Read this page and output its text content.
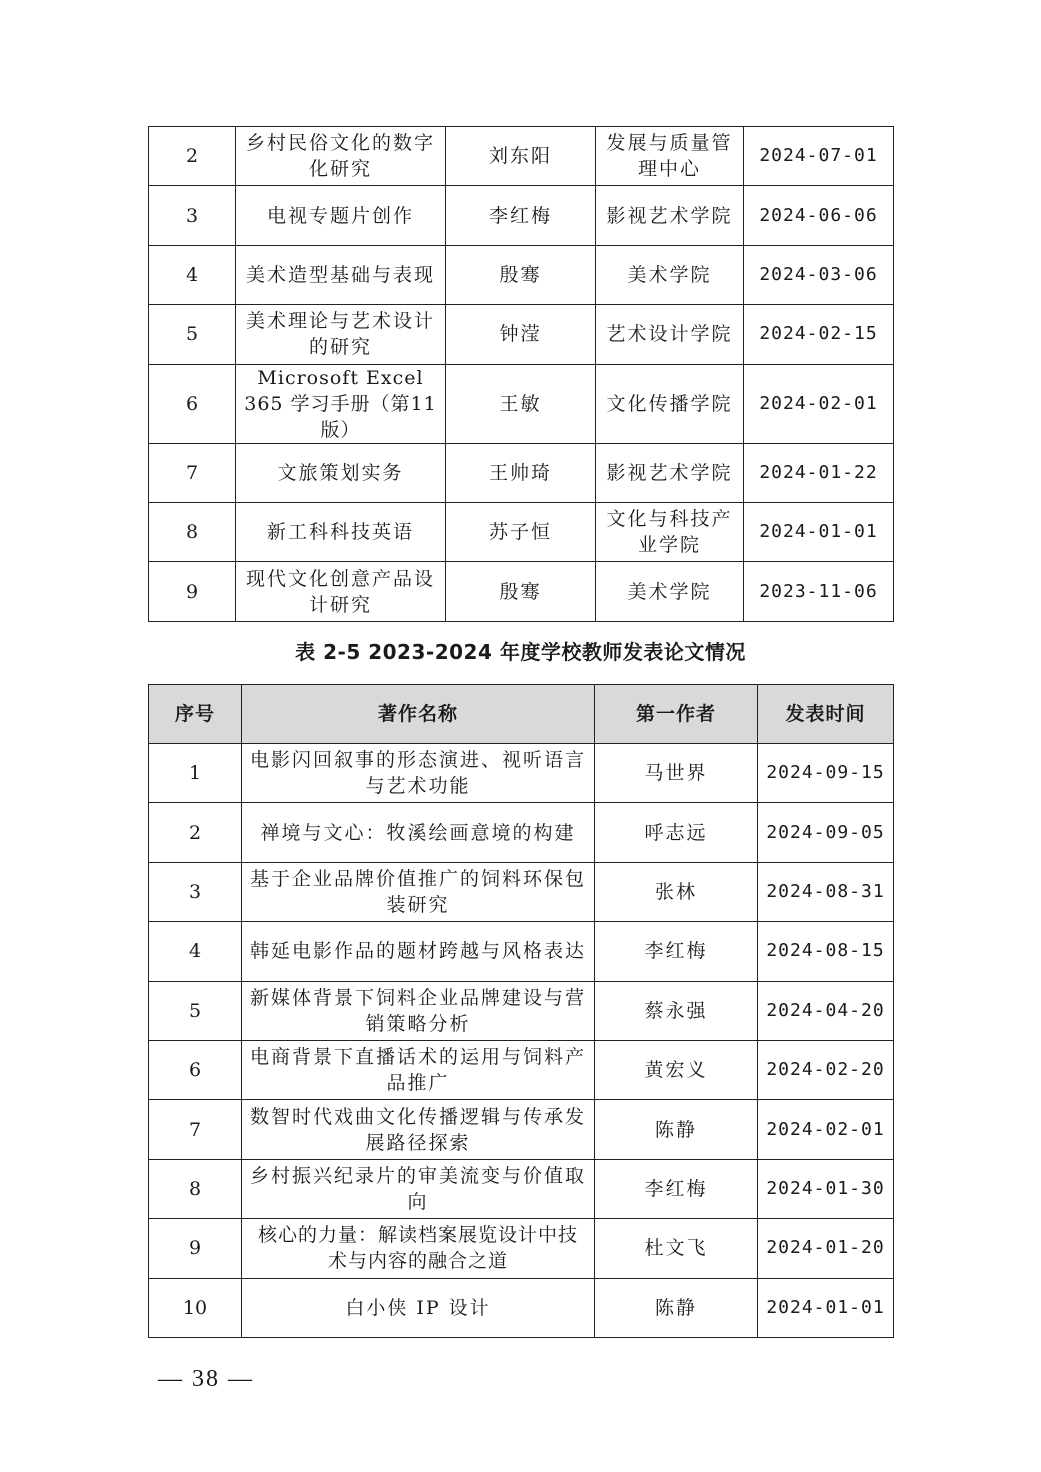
2	乡村民俗文化的数字化研究	刘东阳	发展与质量管理中心	2024-07-01
3	电视专题片创作	李红梅	影视艺术学院	2024-06-06
4	美术造型基础与表现	殷骞	美术学院	2024-03-06
5	美术理论与艺术设计的研究	钟滢	艺术设计学院	2024-02-15
6	Microsoft Excel 365 学习手册（第11版）	王敏	文化传播学院	2024-02-01
7	文旅策划实务	王帅琦	影视艺术学院	2024-01-22
8	新工科科技英语	苏子恒	文化与科技产业学院	2024-01-01
9	现代文化创意产品设计研究	殷骞	美术学院	2023-11-06
表 2-5 2023-2024 年度学校教师发表论文情况
序号	著作名称	第一作者	发表时间
1	电影闪回叙事的形态演进、视听语言与艺术功能	马世界	2024-09-15
2	禅境与文心：牧溪绘画意境的构建	呼志远	2024-09-05
3	基于企业品牌价值推广的饲料环保包装研究	张林	2024-08-31
4	韩延电影作品的题材跨越与风格表达	李红梅	2024-08-15
5	新媒体背景下饲料企业品牌建设与营销策略分析	蔡永强	2024-04-20
6	电商背景下直播话术的运用与饲料产品推广	黄宏义	2024-02-20
7	数智时代戏曲文化传播逻辑与传承发展路径探索	陈静	2024-02-01
8	乡村振兴纪录片的审美流变与价值取向	李红梅	2024-01-30
9	核心的力量：解读档案展览设计中技术与内容的融合之道	杜文飞	2024-01-20
10	白小侠 IP 设计	陈静	2024-01-01
— 38 —
